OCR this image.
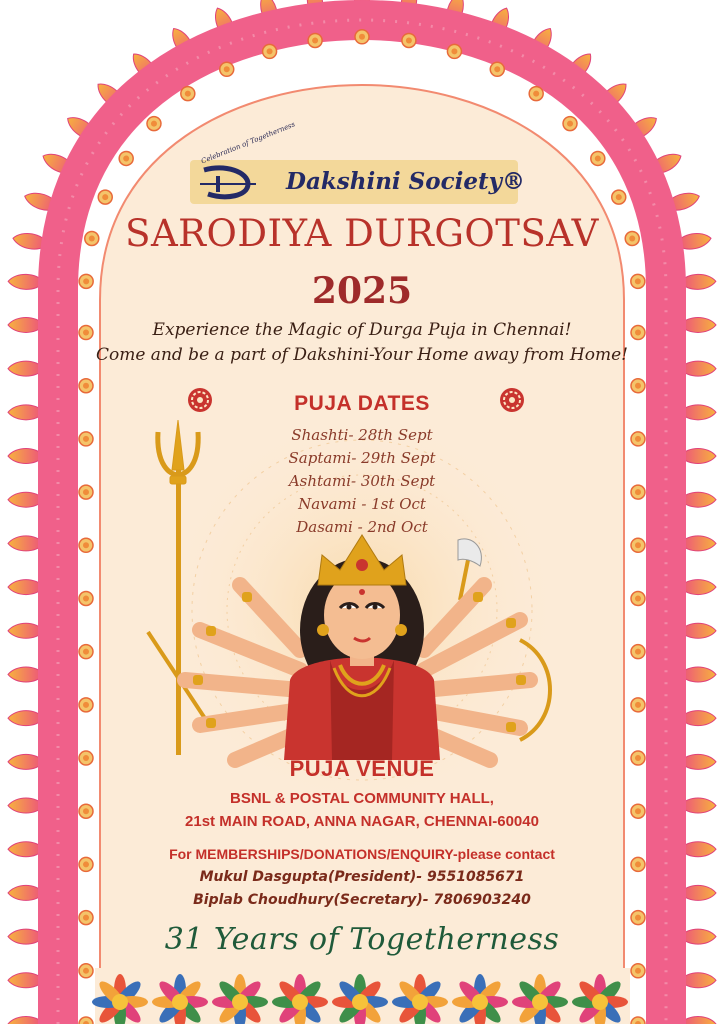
Celebration of Togetherness
Dakshini Society®
SARODIYA DURGOTSAV
2025
Experience the Magic of Durga Puja in Chennai!
Come and be a part of Dakshini-Your Home away from Home!
PUJA DATES
Shashti- 28th Sept
Saptami- 29th Sept
Ashtami- 30th Sept
Navami - 1st Oct
Dasami - 2nd Oct
PUJA VENUE
BSNL & POSTAL COMMUNITY HALL,
21st MAIN ROAD, ANNA NAGAR, CHENNAI-60040
For MEMBERSHIPS/DONATIONS/ENQUIRY-please contact
Mukul Dasgupta(President)- 9551085671
Biplab Choudhury(Secretary)- 7806903240
31 Years of Togetherness
